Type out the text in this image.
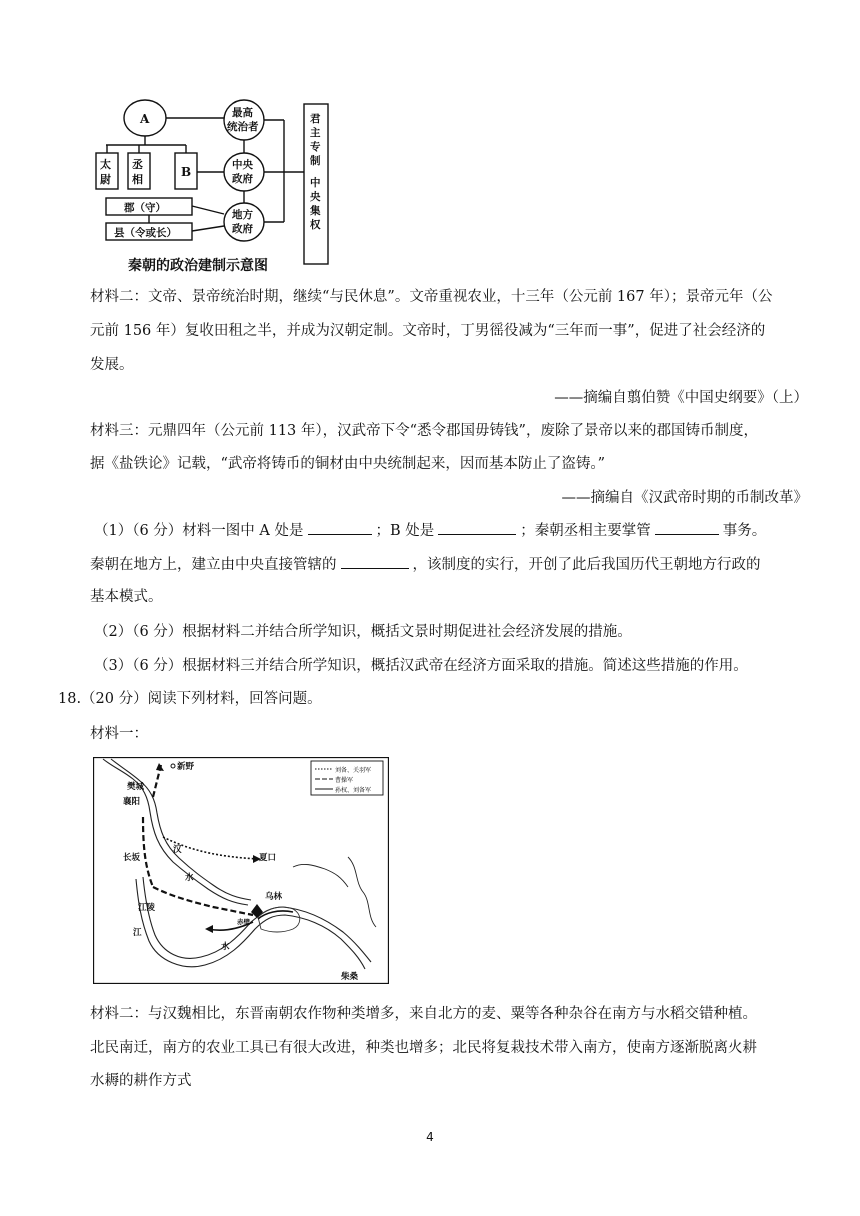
A
太
尉
丞
相
B
最高
统治者
中央
政府
地方
政府
郡（守）
县（令或长）
君
主
专
制
中
央
集
权
秦朝的政治建制示意图
材料二：文帝、景帝统治时期，继续“与民休息”。文帝重视农业，十三年（公元前 167 年）；景帝元年（公
元前 156 年）复收田租之半，并成为汉朝定制。文帝时，丁男徭役减为“三年而一事”，促进了社会经济的
发展。
——摘编自翦伯赞《中国史纲要》（上）
材料三：元鼎四年（公元前 113 年），汉武帝下令“悉令郡国毋铸钱”，废除了景帝以来的郡国铸币制度，
据《盐铁论》记载，“武帝将铸币的铜材由中央统制起来，因而基本防止了盗铸。”
——摘编自《汉武帝时期的币制改革》
（1）（6 分）材料一图中 A 处是	；B 处是	；秦朝丞相主要掌管	事务。
秦朝在地方上，建立由中央直接管辖的	，该制度的实行，开创了此后我国历代王朝地方行政的
基本模式。
（2）（6 分）根据材料二并结合所学知识，概括文景时期促进社会经济发展的措施。
（3）（6 分）根据材料三并结合所学知识，概括汉武帝在经济方面采取的措施。简述这些措施的作用。
18.（20 分）阅读下列材料，回答问题。
材料一：
刘备、关羽军
曹操军
孙权、刘备军
新野
樊城
襄阳
汉
水
长坂	夏口
江陵
江
乌林
赤壁
水
柴桑
材料二：与汉魏相比，东晋南朝农作物种类增多，来自北方的麦、粟等各种杂谷在南方与水稻交错种植。
北民南迁，南方的农业工具已有很大改进，种类也增多；北民将复栽技术带入南方，使南方逐渐脱离火耕
水耨的耕作方式
4
